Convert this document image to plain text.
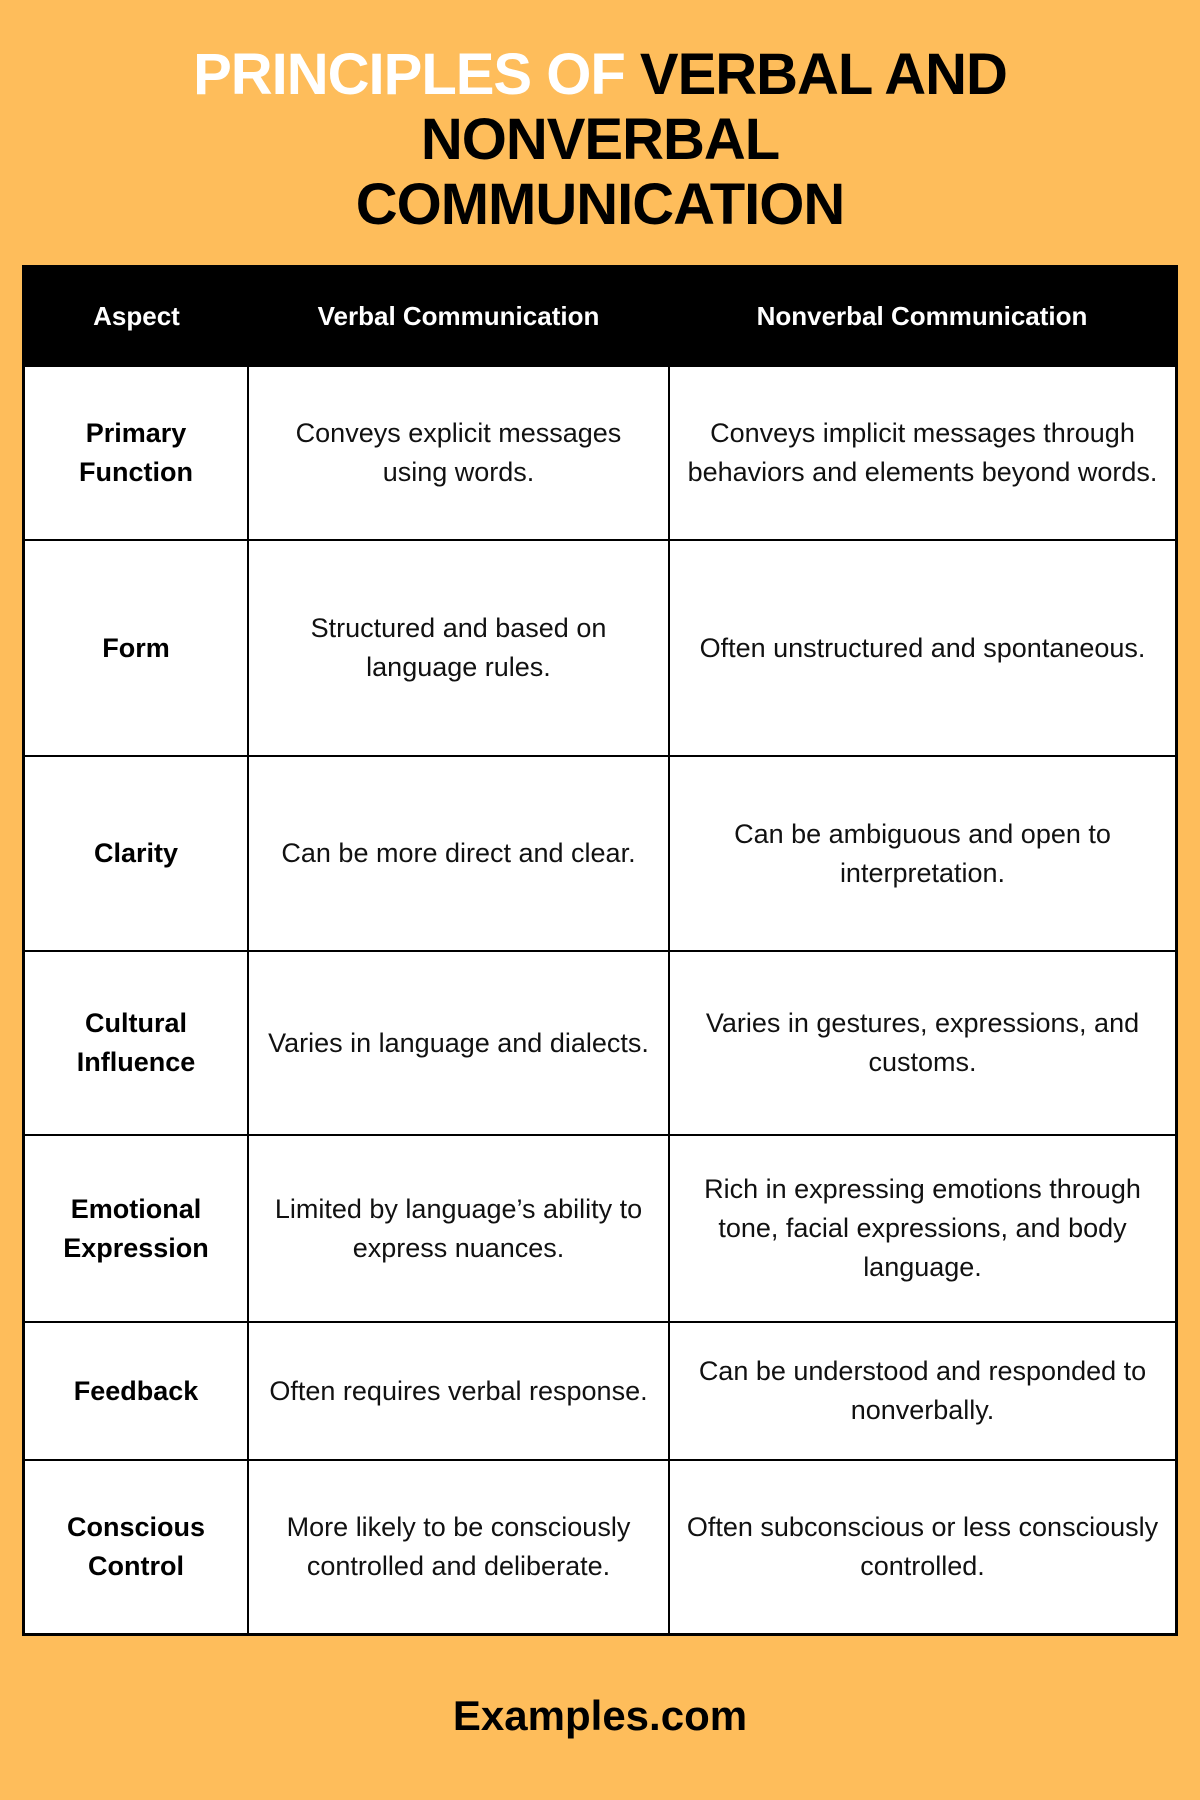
PRINCIPLES OF VERBAL AND
NONVERBAL
COMMUNICATION
Aspect	Verbal Communication	Nonverbal Communication
Primary Function	Conveys explicit messages using words.	Conveys implicit messages through behaviors and elements beyond words.
Form	Structured and based on language rules.	Often unstructured and spontaneous.
Clarity	Can be more direct and clear.	Can be ambiguous and open to interpretation.
Cultural Influence	Varies in language and dialects.	Varies in gestures, expressions, and customs.
Emotional Expression	Limited by language’s ability to express nuances.	Rich in expressing emotions through tone, facial expressions, and body language.
Feedback	Often requires verbal response.	Can be understood and responded to nonverbally.
Conscious Control	More likely to be consciously controlled and deliberate.	Often subconscious or less consciously controlled.
Examples.com
